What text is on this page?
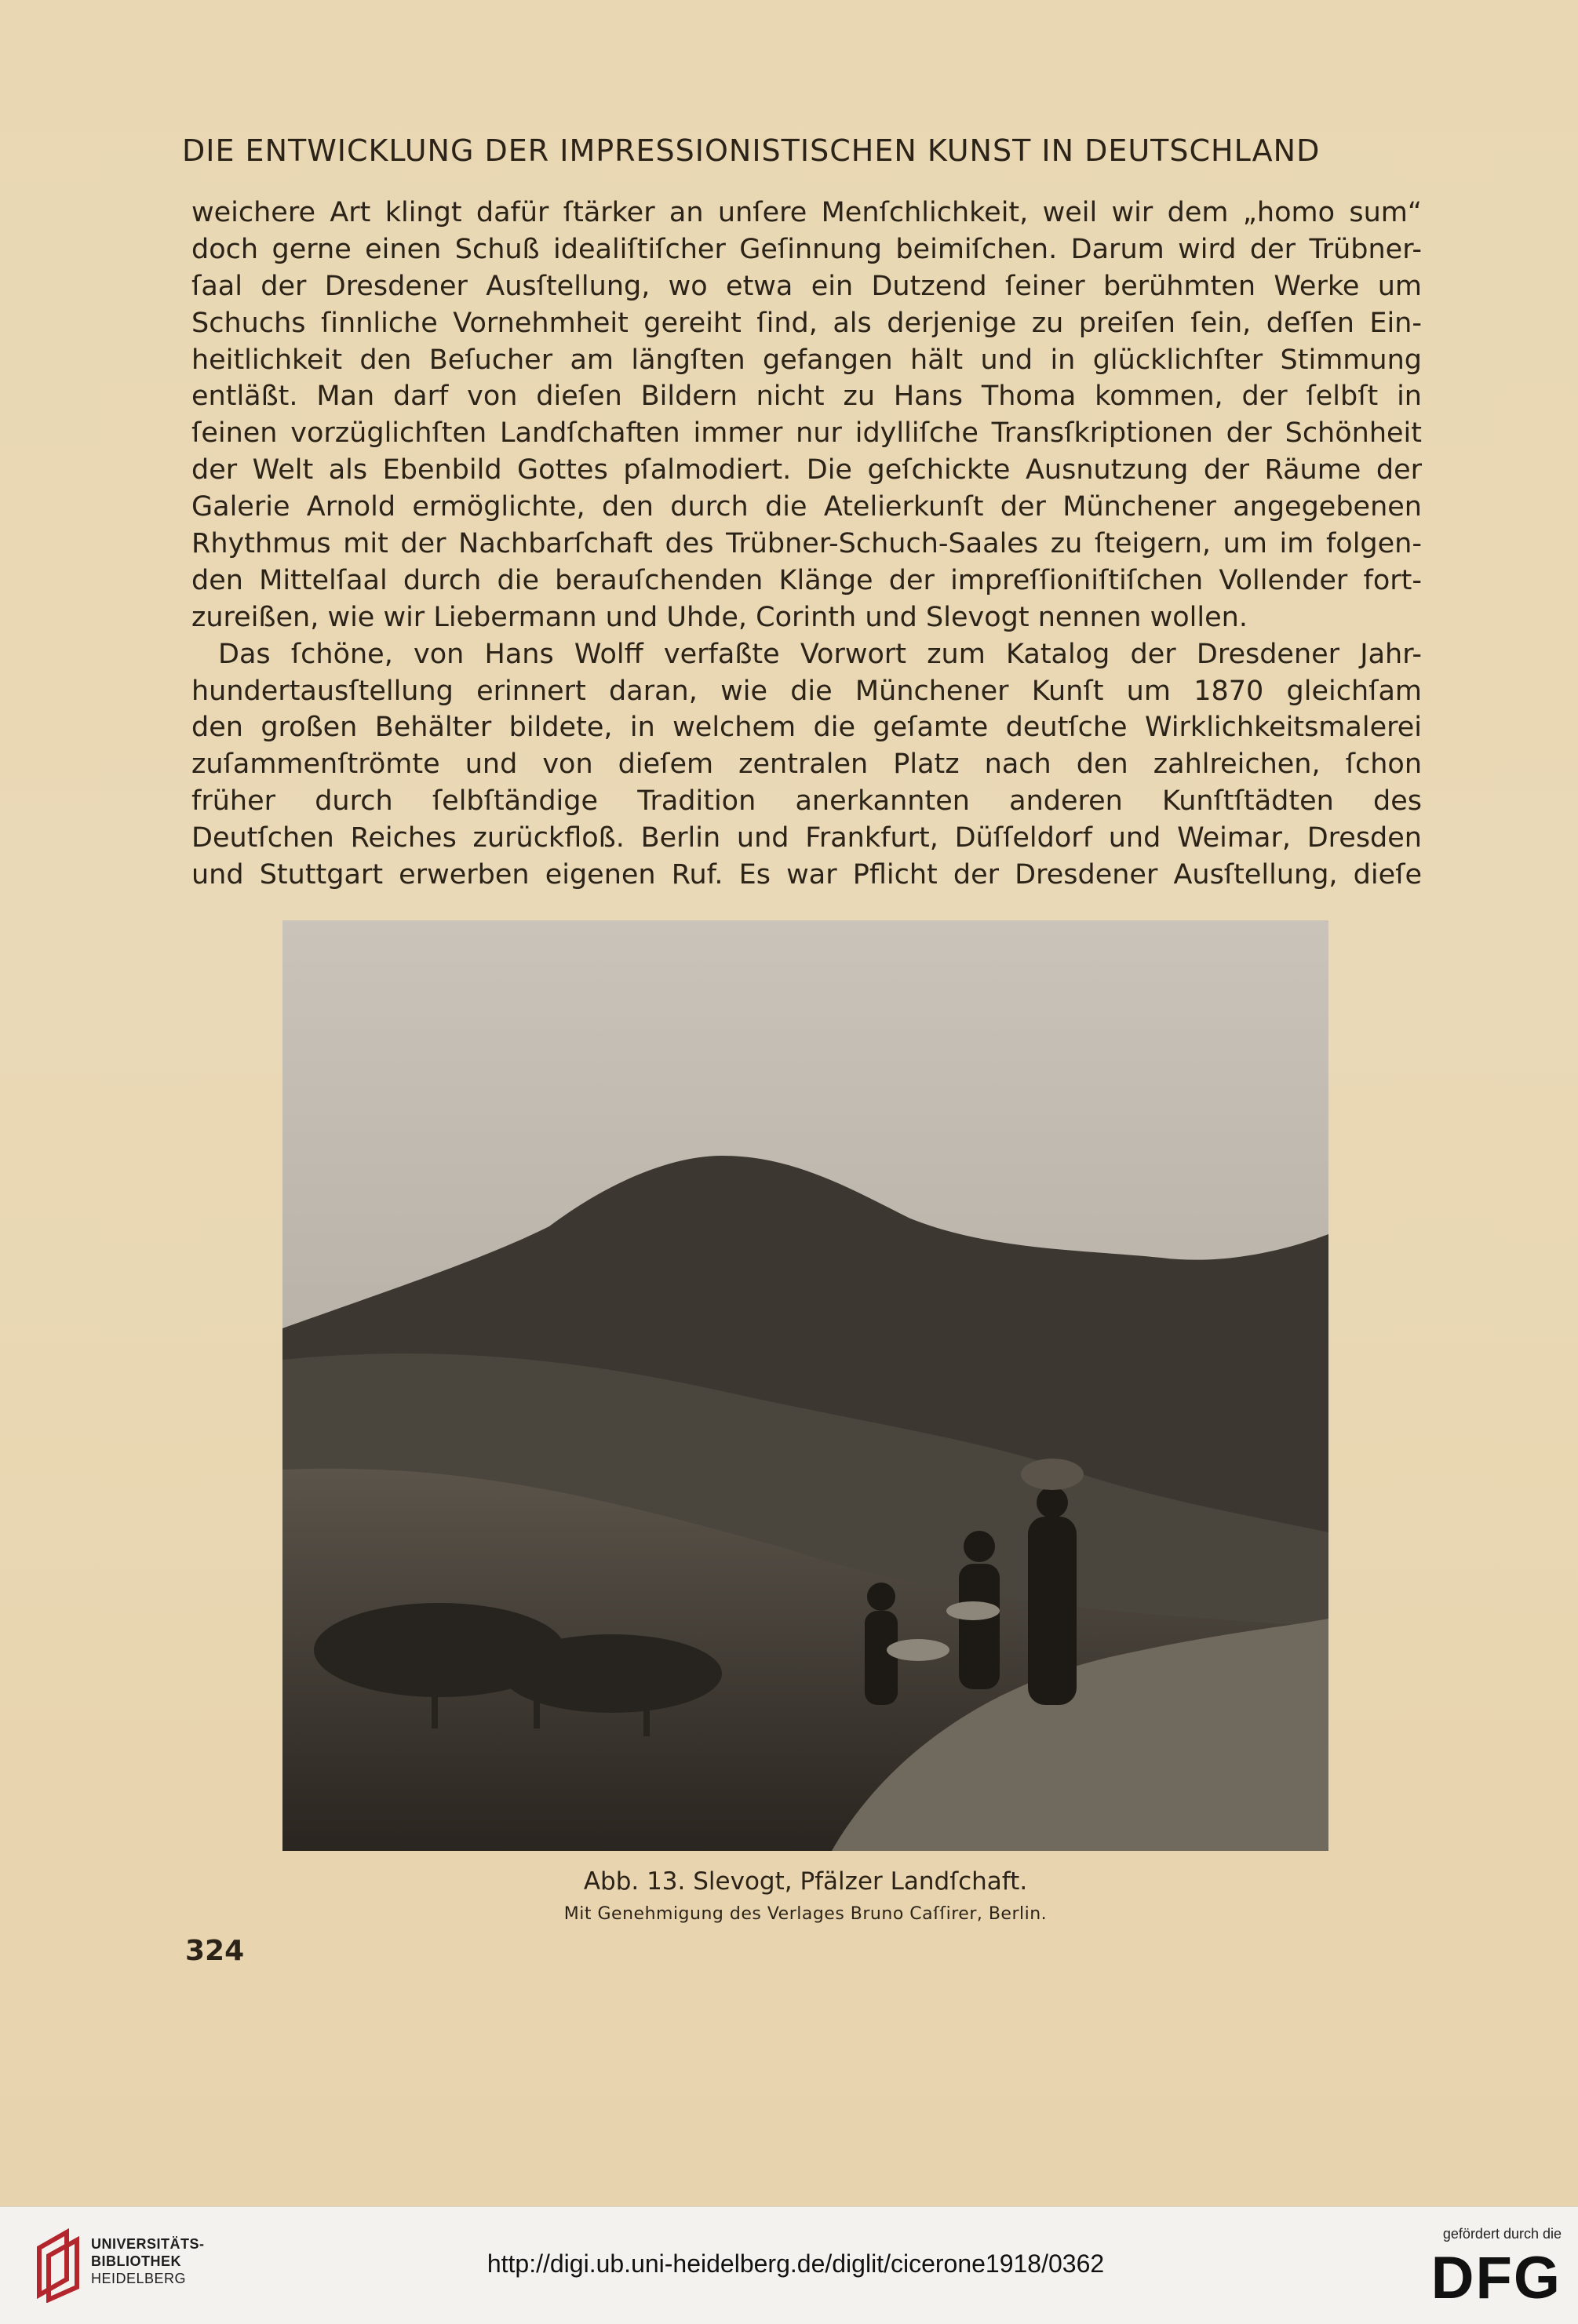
DIE ENTWICKLUNG DER IMPRESSIONISTISCHEN KUNST IN DEUTSCHLAND
weichere Art klingt dafür ſtärker an unſere Menſchlichkeit, weil wir dem „homo sum“
doch gerne einen Schuß idealiſtiſcher Geſinnung beimiſchen. Darum wird der Trübner-
ſaal der Dresdener Ausſtellung, wo etwa ein Dutzend ſeiner berühmten Werke um
Schuchs ſinnliche Vornehmheit gereiht ſind, als derjenige zu preiſen ſein, deſſen Ein-
heitlichkeit den Beſucher am längſten gefangen hält und in glücklichſter Stimmung
entläßt. Man darf von dieſen Bildern nicht zu Hans Thoma kommen, der ſelbſt in
ſeinen vorzüglichſten Landſchaften immer nur idylliſche Transſkriptionen der Schönheit
der Welt als Ebenbild Gottes pſalmodiert. Die geſchickte Ausnutzung der Räume der
Galerie Arnold ermöglichte, den durch die Atelierkunſt der Münchener angegebenen
Rhythmus mit der Nachbarſchaft des Trübner-Schuch-Saales zu ſteigern, um im folgen-
den Mittelſaal durch die berauſchenden Klänge der impreſſioniſtiſchen Vollender fort-
zureißen, wie wir Liebermann und Uhde, Corinth und Slevogt nennen wollen.
Das ſchöne, von Hans Wolff verfaßte Vorwort zum Katalog der Dresdener Jahr-
hundertausſtellung erinnert daran, wie die Münchener Kunſt um 1870 gleichſam
den großen Behälter bildete, in welchem die geſamte deutſche Wirklichkeitsmalerei
zuſammenſtrömte und von dieſem zentralen Platz nach den zahlreichen, ſchon
früher durch ſelbſtändige Tradition anerkannten anderen Kunſtſtädten des
Deutſchen Reiches zurückfloß. Berlin und Frankfurt, Düſſeldorf und Weimar, Dresden
und Stuttgart erwerben eigenen Ruf. Es war Pflicht der Dresdener Ausſtellung, dieſe
Abb. 13. Slevogt, Pfälzer Landſchaft.
Mit Genehmigung des Verlages Bruno Caſſirer, Berlin.
324
UNIVERSITÄTS-
BIBLIOTHEK
HEIDELBERG
http://digi.ub.uni-heidelberg.de/diglit/cicerone1918/0362
gefördert durch die
DFG
